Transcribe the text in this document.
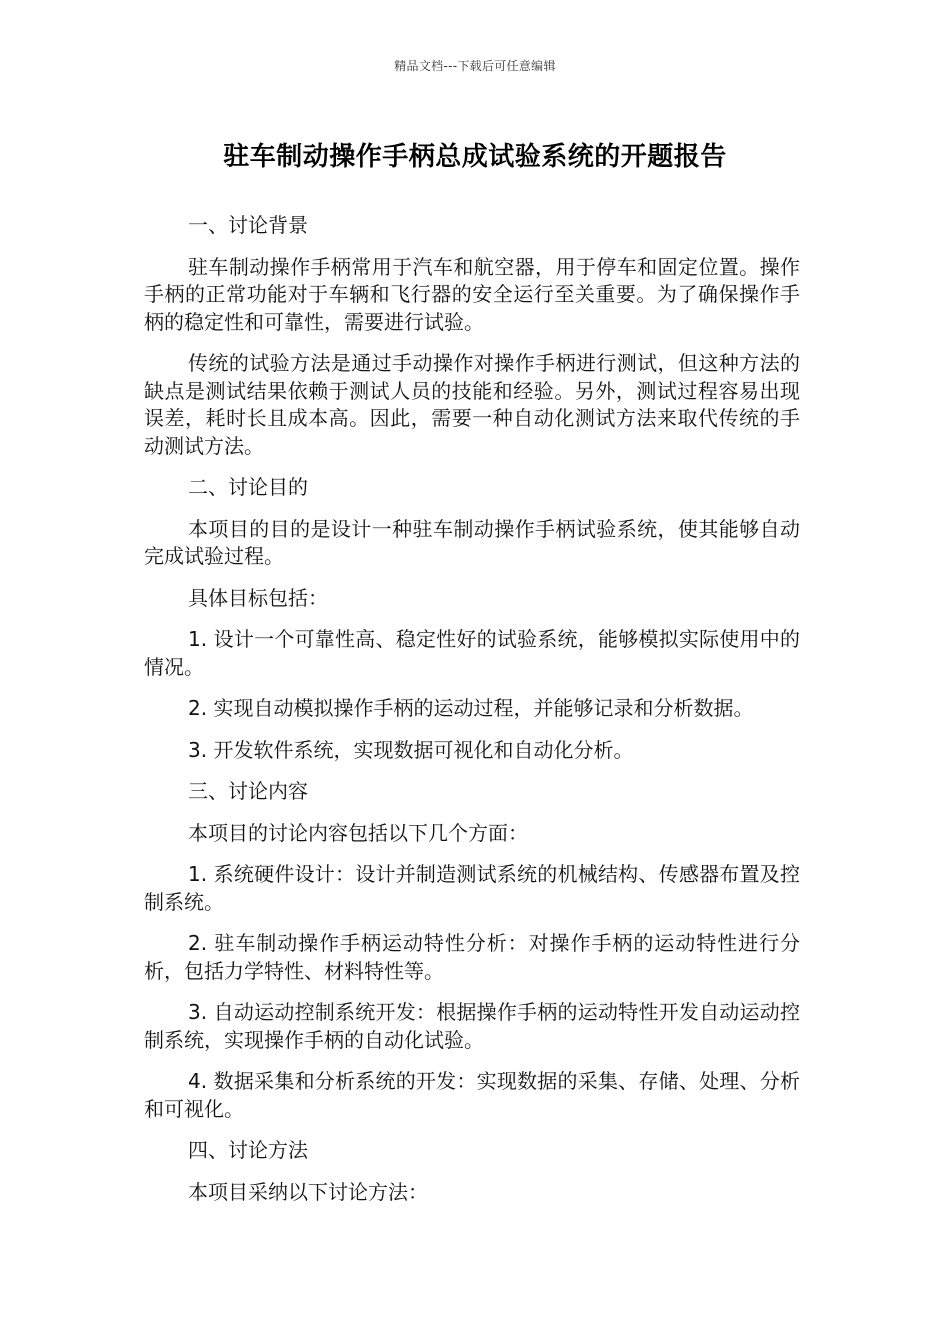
精品文档---下载后可任意编辑
驻车制动操作手柄总成试验系统的开题报告

一、讨论背景

驻车制动操作手柄常用于汽车和航空器，用于停车和固定位置。操作手柄的正常功能对于车辆和飞行器的安全运行至关重要。为了确保操作手柄的稳定性和可靠性，需要进行试验。

传统的试验方法是通过手动操作对操作手柄进行测试，但这种方法的缺点是测试结果依赖于测试人员的技能和经验。另外，测试过程容易出现误差，耗时长且成本高。因此，需要一种自动化测试方法来取代传统的手动测试方法。

二、讨论目的

本项目的目的是设计一种驻车制动操作手柄试验系统，使其能够自动完成试验过程。

具体目标包括：

1. 设计一个可靠性高、稳定性好的试验系统，能够模拟实际使用中的情况。

2. 实现自动模拟操作手柄的运动过程，并能够记录和分析数据。

3. 开发软件系统，实现数据可视化和自动化分析。

三、讨论内容

本项目的讨论内容包括以下几个方面：

1. 系统硬件设计：设计并制造测试系统的机械结构、传感器布置及控制系统。

2. 驻车制动操作手柄运动特性分析：对操作手柄的运动特性进行分析，包括力学特性、材料特性等。

3. 自动运动控制系统开发：根据操作手柄的运动特性开发自动运动控制系统，实现操作手柄的自动化试验。

4. 数据采集和分析系统的开发：实现数据的采集、存储、处理、分析和可视化。

四、讨论方法

本项目采纳以下讨论方法：
